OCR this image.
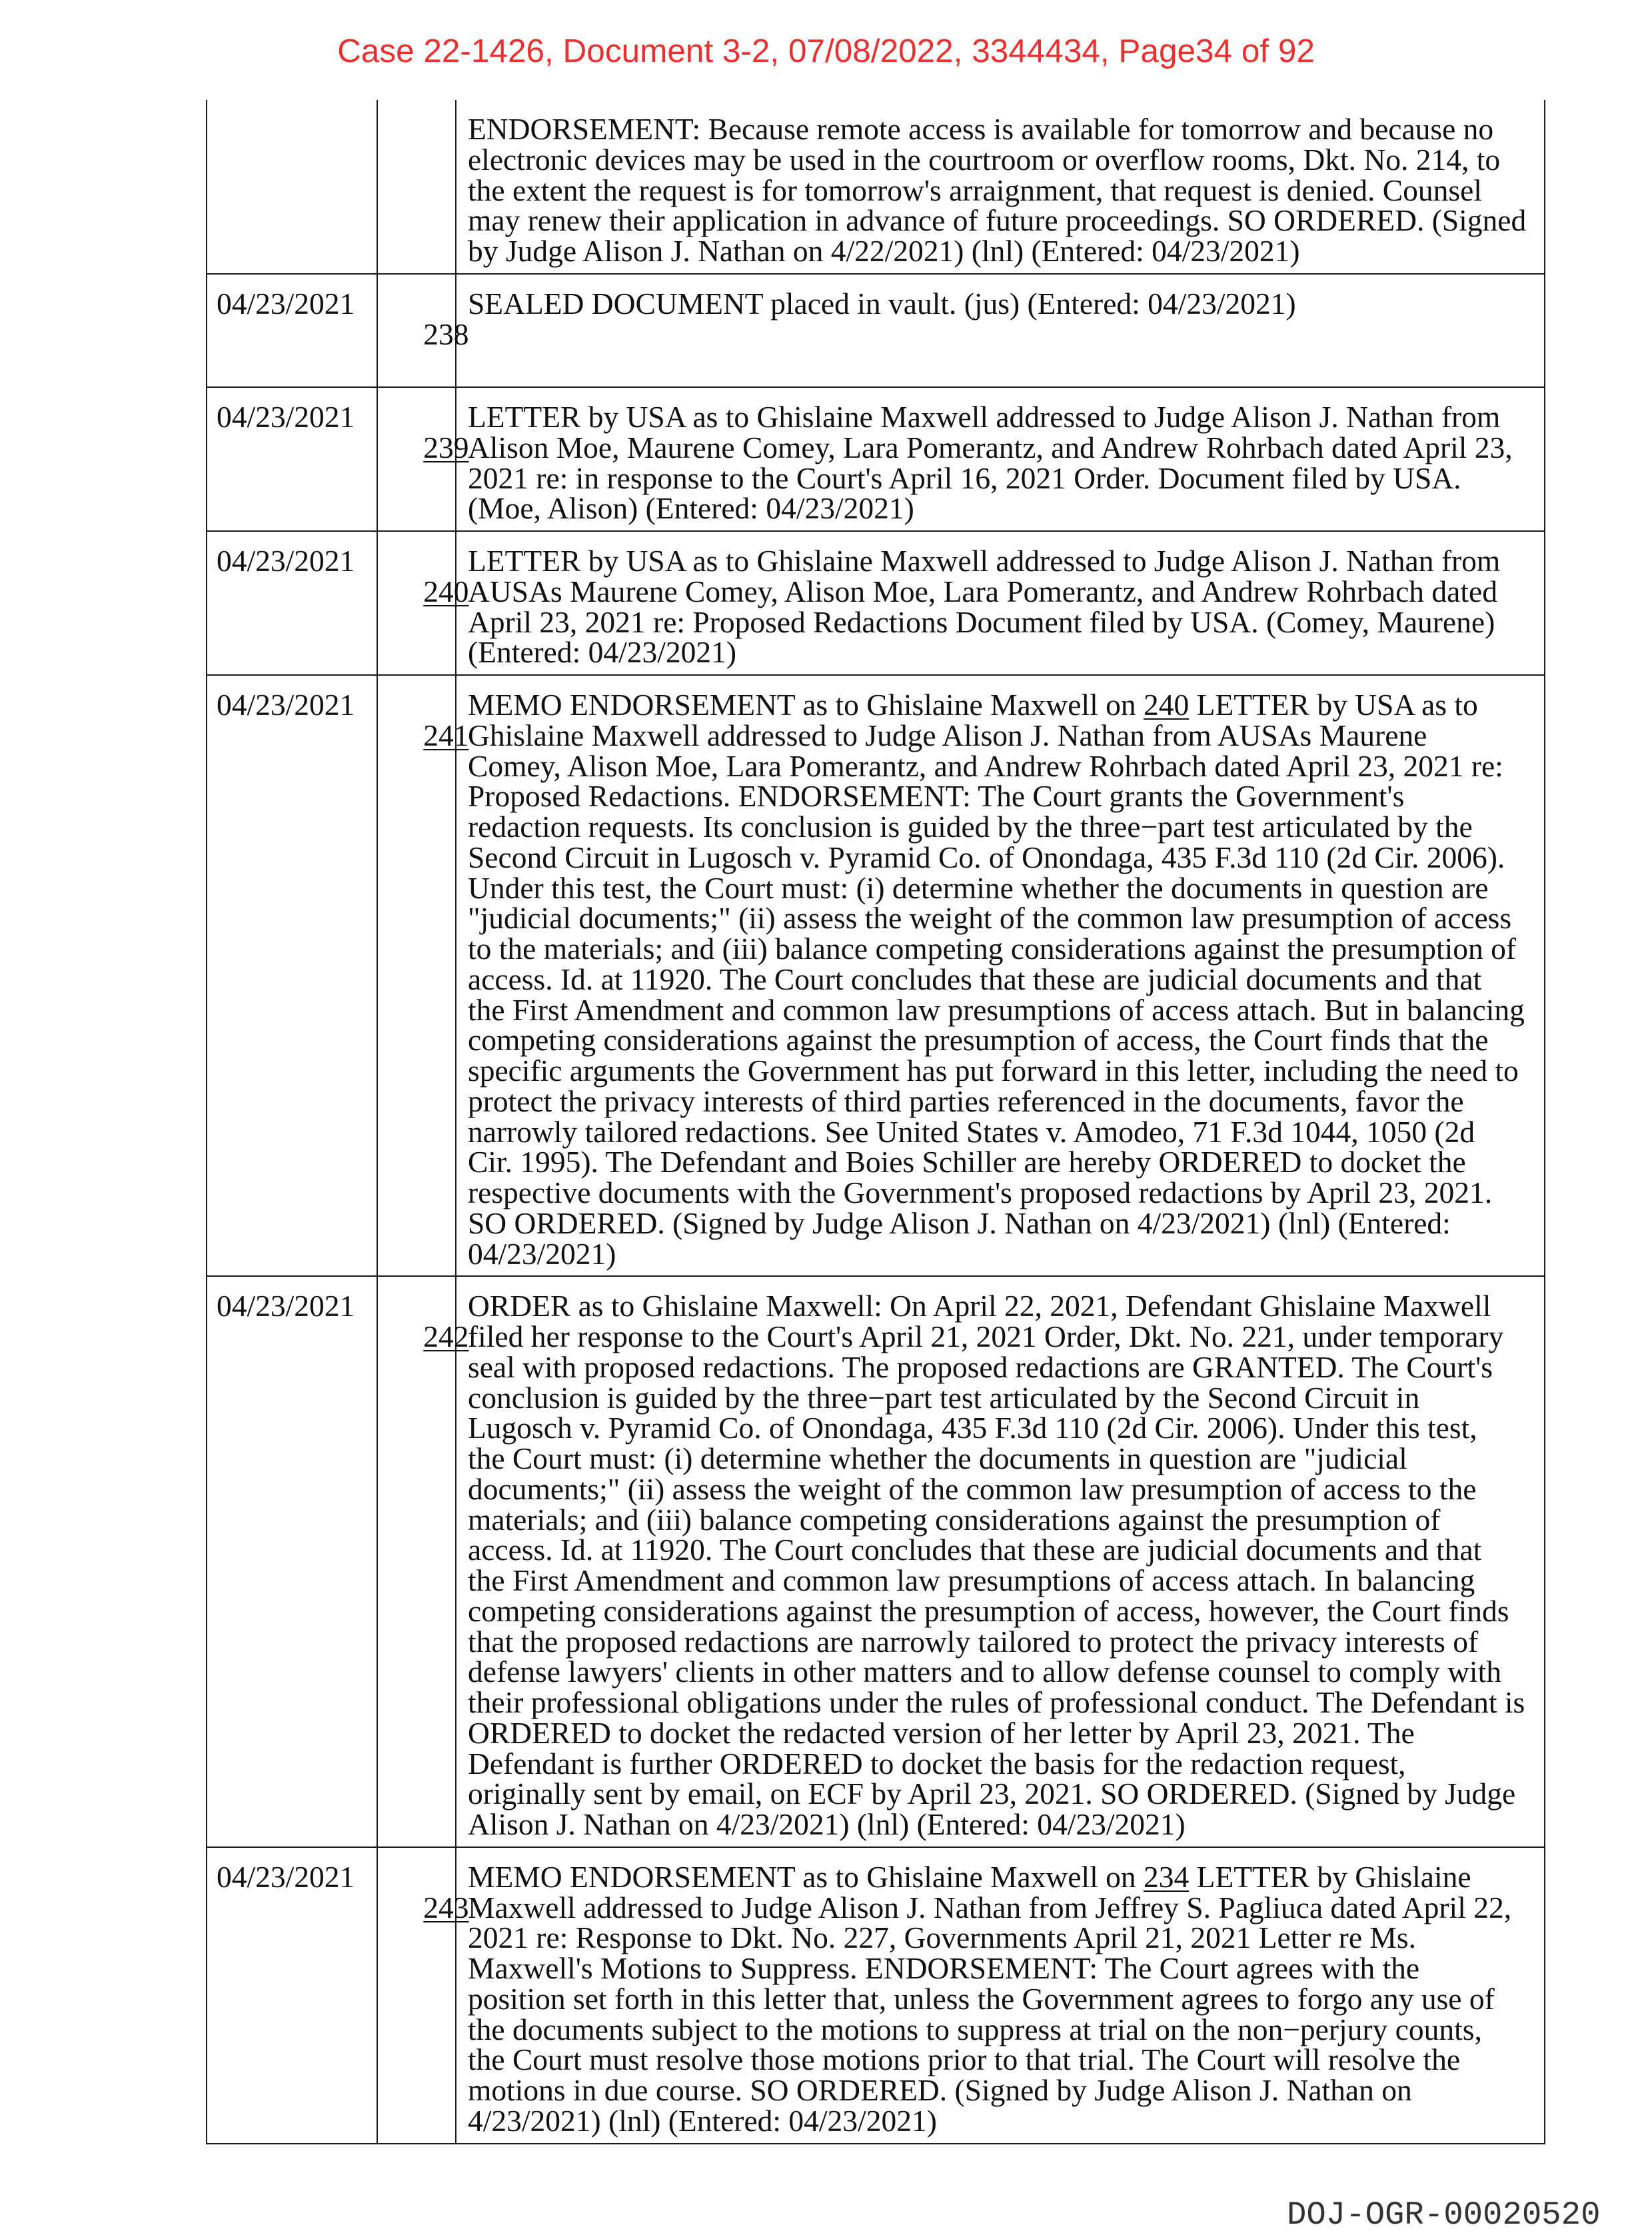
Case 22-1426, Document 3-2, 07/08/2022, 3344434, Page34 of 92
ENDORSEMENT: Because remote access is available for tomorrow and because no
electronic devices may be used in the courtroom or overflow rooms, Dkt. No. 214, to
the extent the request is for tomorrow's arraignment, that request is denied. Counsel
may renew their application in advance of future proceedings. SO ORDERED. (Signed
by Judge Alison J. Nathan on 4/22/2021) (lnl) (Entered: 04/23/2021)
04/23/2021

238

SEALED DOCUMENT placed in vault. (jus) (Entered: 04/23/2021)
04/23/2021

239

LETTER by USA as to Ghislaine Maxwell addressed to Judge Alison J. Nathan from
Alison Moe, Maurene Comey, Lara Pomerantz, and Andrew Rohrbach dated April 23,
2021 re: in response to the Court's April 16, 2021 Order. Document filed by USA.
(Moe, Alison) (Entered: 04/23/2021)
04/23/2021

240

LETTER by USA as to Ghislaine Maxwell addressed to Judge Alison J. Nathan from
AUSAs Maurene Comey, Alison Moe, Lara Pomerantz, and Andrew Rohrbach dated
April 23, 2021 re: Proposed Redactions Document filed by USA. (Comey, Maurene)
(Entered: 04/23/2021)
04/23/2021

241

MEMO ENDORSEMENT as to Ghislaine Maxwell on 240 LETTER by USA as to
Ghislaine Maxwell addressed to Judge Alison J. Nathan from AUSAs Maurene
Comey, Alison Moe, Lara Pomerantz, and Andrew Rohrbach dated April 23, 2021 re:
Proposed Redactions. ENDORSEMENT: The Court grants the Government's
redaction requests. Its conclusion is guided by the three−part test articulated by the
Second Circuit in Lugosch v. Pyramid Co. of Onondaga, 435 F.3d 110 (2d Cir. 2006).
Under this test, the Court must: (i) determine whether the documents in question are
"judicial documents;" (ii) assess the weight of the common law presumption of access
to the materials; and (iii) balance competing considerations against the presumption of
access. Id. at 11920. The Court concludes that these are judicial documents and that
the First Amendment and common law presumptions of access attach. But in balancing
competing considerations against the presumption of access, the Court finds that the
specific arguments the Government has put forward in this letter, including the need to
protect the privacy interests of third parties referenced in the documents, favor the
narrowly tailored redactions. See United States v. Amodeo, 71 F.3d 1044, 1050 (2d
Cir. 1995). The Defendant and Boies Schiller are hereby ORDERED to docket the
respective documents with the Government's proposed redactions by April 23, 2021.
SO ORDERED. (Signed by Judge Alison J. Nathan on 4/23/2021) (lnl) (Entered:
04/23/2021)
04/23/2021

242

ORDER as to Ghislaine Maxwell: On April 22, 2021, Defendant Ghislaine Maxwell
filed her response to the Court's April 21, 2021 Order, Dkt. No. 221, under temporary
seal with proposed redactions. The proposed redactions are GRANTED. The Court's
conclusion is guided by the three−part test articulated by the Second Circuit in
Lugosch v. Pyramid Co. of Onondaga, 435 F.3d 110 (2d Cir. 2006). Under this test,
the Court must: (i) determine whether the documents in question are "judicial
documents;" (ii) assess the weight of the common law presumption of access to the
materials; and (iii) balance competing considerations against the presumption of
access. Id. at 11920. The Court concludes that these are judicial documents and that
the First Amendment and common law presumptions of access attach. In balancing
competing considerations against the presumption of access, however, the Court finds
that the proposed redactions are narrowly tailored to protect the privacy interests of
defense lawyers' clients in other matters and to allow defense counsel to comply with
their professional obligations under the rules of professional conduct. The Defendant is
ORDERED to docket the redacted version of her letter by April 23, 2021. The
Defendant is further ORDERED to docket the basis for the redaction request,
originally sent by email, on ECF by April 23, 2021. SO ORDERED. (Signed by Judge
Alison J. Nathan on 4/23/2021) (lnl) (Entered: 04/23/2021)
04/23/2021

243

MEMO ENDORSEMENT as to Ghislaine Maxwell on 234 LETTER by Ghislaine
Maxwell addressed to Judge Alison J. Nathan from Jeffrey S. Pagliuca dated April 22,
2021 re: Response to Dkt. No. 227, Governments April 21, 2021 Letter re Ms.
Maxwell's Motions to Suppress. ENDORSEMENT: The Court agrees with the
position set forth in this letter that, unless the Government agrees to forgo any use of
the documents subject to the motions to suppress at trial on the non−perjury counts,
the Court must resolve those motions prior to that trial. The Court will resolve the
motions in due course. SO ORDERED. (Signed by Judge Alison J. Nathan on
4/23/2021) (lnl) (Entered: 04/23/2021)
DOJ-OGR-00020520
